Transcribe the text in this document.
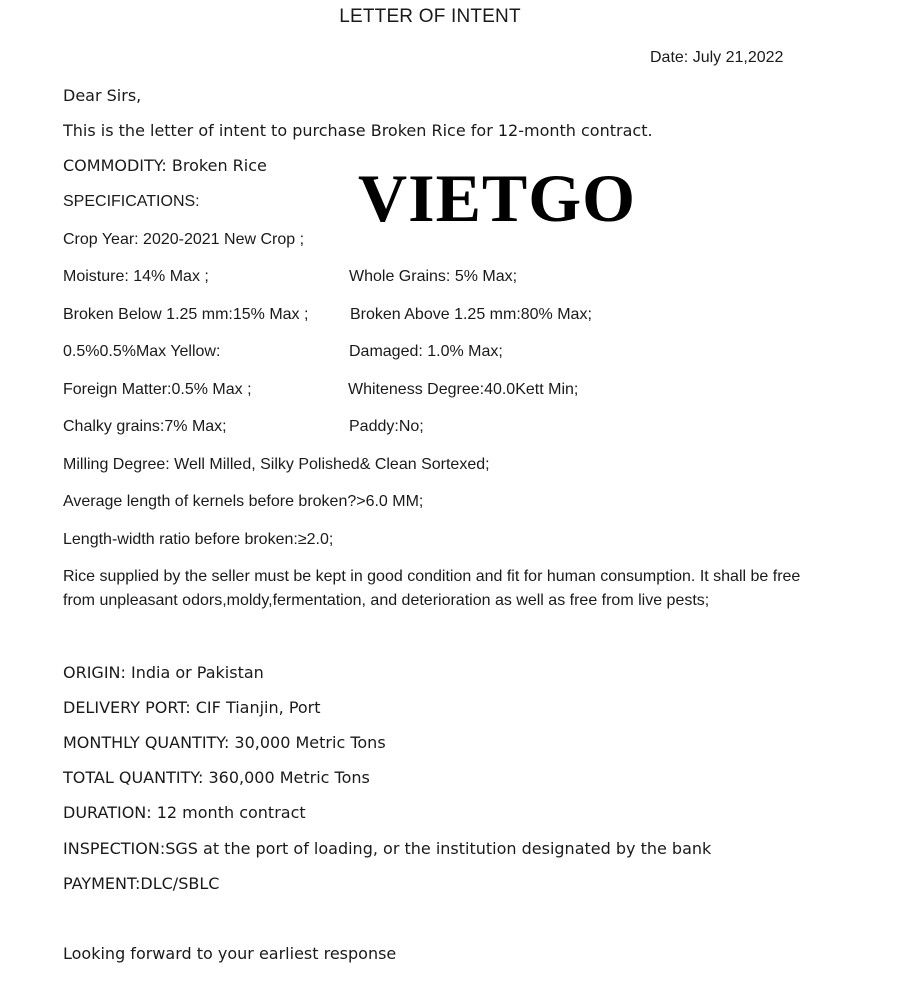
LETTER OF INTENT
Date: July 21,2022
Dear Sirs,
This is the letter of intent to purchase Broken Rice for 12-month contract.
COMMODITY: Broken Rice
SPECIFICATIONS: VIETGO
Crop Year: 2020-2021 New Crop ;
Moisture: 14% Max ;	Whole Grains: 5% Max;
Broken Below 1.25 mm:15% Max ;	Broken Above 1.25 mm:80% Max;
0.5%0.5%Max Yellow:	Damaged: 1.0% Max;
Foreign Matter:0.5% Max ;	Whiteness Degree:40.0Kett Min;
Chalky grains:7% Max;	Paddy:No;
Milling Degree: Well Milled, Silky Polished& Clean Sortexed;
Average length of kernels before broken?>6.0 MM;
Length-width ratio before broken:≥2.0;
Rice supplied by the seller must be kept in good condition and fit for human consumption. It shall be free from unpleasant odors,moldy,fermentation, and deterioration as well as free from live pests;
ORIGIN: India or Pakistan
DELIVERY PORT: CIF Tianjin, Port
MONTHLY QUANTITY: 30,000 Metric Tons
TOTAL QUANTITY: 360,000 Metric Tons
DURATION: 12 month contract
INSPECTION:SGS at the port of loading, or the institution designated by the bank
PAYMENT:DLC/SBLC
Looking forward to your earliest response
